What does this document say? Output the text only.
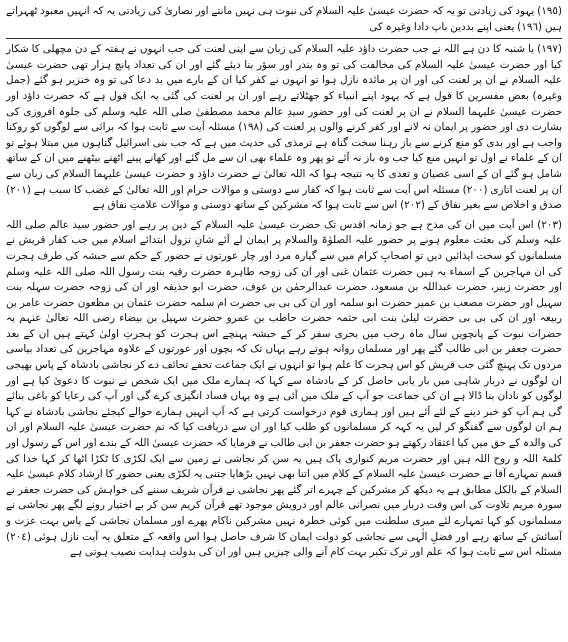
(١٩٥) یہود کی زیادتی تو یہ کہ حضرت عیسیٰ علیہ السلام کی نبوت ہی نہیں مانتے اور نصاریٰ کی زیادتی یہ کہ انہیں معبود ٹھہراتے ہیں (١٩٦) یعنی اپنے بددین باپ دادا وغیرہ کی

(١٩٧) یا شنبہ کا دن ہے اللہ نے جب حضرت داؤد علیہ السلام کی زبان سے اپنی لعنت کی جب انہوں نے ہفتہ کے دن مچھلی کا شکار کیا اور حضرت عیسیٰ علیہ السلام کی مخالفت کی تو وہ بندر اور سؤر بنا دیئے گئے اور ان کی تعداد پانچ ہزار تھی حضرت عیسیٰ علیہ السلام نے ان پر لعنت کی اور ان پر مائدہ نازل ہوا تو انہوں نے کفر کیا ان کے بارے میں بد دعا کی تو وہ خنزیر ہو گئے (جمل وغیرہ) بعض مفسرین کا قول ہے کہ یہود اپنے انبیاء کو جھٹلاتے رہے اور ان پر لعنت کی گئی یہ ایک قول ہے کہ حضرت داؤد اور حضرت عیسیٰ علیہما السلام نے ان پر لعنت کی اور حضور سیدِ عالم محمد مصطفیٰ صلی اللہ علیہ وسلم کی جلوہ افروزی کی بشارت دی اور حضور پر ایمان نہ لانے اور کفر کرنے والوں پر لعنت کی (١٩٨) مسئلہ آیت سے ثابت ہوا کہ برائی سے لوگوں کو روکنا واجب ہے اور بدی کو منع کرنے سے باز رہنا سخت گناہ ہے ترمذی کی حدیث میں ہے کہ جب بنی اسرائیل گناہوں میں مبتلا ہوئے تو ان کے علماء نے اول تو انہیں منع کیا جب وہ باز نہ آئے تو پھر وہ علماء بھی ان سے مل گئے اور کھانے پینے اٹھنے بیٹھنے میں ان کے ساتھ شامل ہو گئے ان کے اسی عصیان و تعدی کا یہ نتیجہ ہوا کہ اللہ تعالیٰ نے حضرت داؤد و حضرت عیسیٰ علیہما السلام کی زبان سے ان پر لعنت اتاری (٢٠٠) مسئلہ اس آیت سے ثابت ہوا کہ کفار سے دوستی و موالات حرام اور اللہ تعالیٰ کے غضب کا سبب ہے (٢٠١) صدق و اخلاص سے بغیر نفاق کے (٢٠٢) اس سے ثابت ہوا کہ مشرکین کے ساتھ دوستی و موالات علامتِ نفاق ہے

(٢٠٣) اس آیت میں ان کی مدح ہے جو زمانہ اقدس تک حضرت عیسیٰ علیہ السلام کے دین پر رہے اور حضور سید عالم صلی اللہ علیہ وسلم کی بعثت معلوم ہونے پر حضور علیہ الصلوٰۃ والسلام پر ایمان لے آئے شانِ نزول ابتدائے اسلام میں جب کفار قریش نے مسلمانوں کو سخت ایذائیں دیں تو اصحابِ کرام میں سے گیارہ مرد اور چار عورتوں نے حضور کے حکم سے حبشہ کی طرف ہجرت کی ان مہاجرین کے اسماء یہ ہیں حضرت عثمان غنی اور ان کی زوجہ طاہرہ حضرت رقیہ بنت رسول اللہ صلی اللہ علیہ وسلم اور حضرت زبیر، حضرت عبداللہ بن مسعود، حضرت عبدالرحمٰن بن عوف، حضرت ابو حذیفہ اور ان کی زوجہ حضرت سہلہ بنت سہیل اور حضرت مصعب بن عمیر حضرت ابو سلمہ اور ان کی بی بی حضرت ام سلمہ حضرت عثمان بن مظعون حضرت عامر بن ربیعہ اور ان کی بی بی حضرت لیلیٰ بنت ابی حثمہ حضرت حاطب بن عمرو حضرت سہیل بن بیضاء رضی اللہ تعالیٰ عنہم یہ حضرات نبوت کے پانچویں سال ماہ رجب میں بحری سفر کر کے حبشہ پہنچے اس ہجرت کو ہجرتِ اولیٰ کہتے ہیں ان کے بعد حضرت جعفر بن ابی طالب گئے پھر اور مسلمان روانہ ہوتے رہے یہاں تک کہ بچوں اور عورتوں کے علاوہ مہاجرین کی تعداد بیاسی مردوں تک پہنچ گئی جب قریش کو اس ہجرت کا علم ہوا تو انہوں نے ایک جماعت تحفے تحائف دے کر نجاشی بادشاہ کے پاس بھیجی ان لوگوں نے دربار شاہی میں بار یابی حاصل کر کے بادشاہ سے کہا کہ ہمارے ملک میں ایک شخص نے نبوت کا دعویٰ کیا ہے اور لوگوں کو نادان بنا ڈالا ہے ان کی جماعت جو آپ کے ملک میں آئی ہے وہ یہاں فساد انگیزی کرے گی اور آپ کی رعایا کو باغی بنائے گی ہم آپ کو خبر دینے کے لئے آئے ہیں اور ہماری قوم درخواست کرتی ہے کہ آپ انہیں ہمارے حوالے کیجئے نجاشی بادشاہ نے کہا ہم ان لوگوں سے گفتگو کر لیں یہ کہہ کر مسلمانوں کو طلب کیا اور ان سے دریافت کیا کہ تم حضرت عیسیٰ علیہ السلام اور ان کی والدہ کے حق میں کیا اعتقاد رکھتے ہو حضرت جعفر بن ابی طالب نے فرمایا کہ حضرت عیسیٰ اللہ کے بندے اور اس کے رسول اور کلمۃ اللہ و روح اللہ ہیں اور حضرت مریم کنواری پاک ہیں یہ سن کر نجاشی نے زمین سے ایک لکڑی کا ٹکڑا اٹھا کر کہا خدا کی قسم تمہارے آقا نے حضرت عیسیٰ علیہ السلام کے کلام میں اتنا بھی نہیں بڑھایا جتنی یہ لکڑی یعنی حضور کا ارشاد کلام عیسیٰ علیہ السلام کے بالکل مطابق ہے یہ دیکھ کر مشرکین کے چہرے اتر گئے پھر نجاشی نے قرآن شریف سننے کی خواہش کی حضرت جعفر نے سورہ مریم تلاوت کی اس وقت دربار میں نصرانی عالم اور درویش موجود تھے قرآن کریم سن کر بے اختیار رونے لگے پھر نجاشی نے مسلمانوں کو کہا تمہارے لئے میری سلطنت میں کوئی خطرہ نہیں مشرکین ناکام پھرے اور مسلمان نجاشی کے پاس بہت عزت و آسائش کے ساتھ رہے اور فضلِ الٰہی سے نجاشی کو دولت ایمان کا شرف حاصل ہوا اس واقعہ کے متعلق یہ آیت نازل ہوئی (٢٠٤) مسئلہ اس سے ثابت ہوا کہ علم اور ترک تکبر بہت کام آنے والی چیزیں ہیں اور ان کی بدولت ہدایت نصیب ہوتی ہے
